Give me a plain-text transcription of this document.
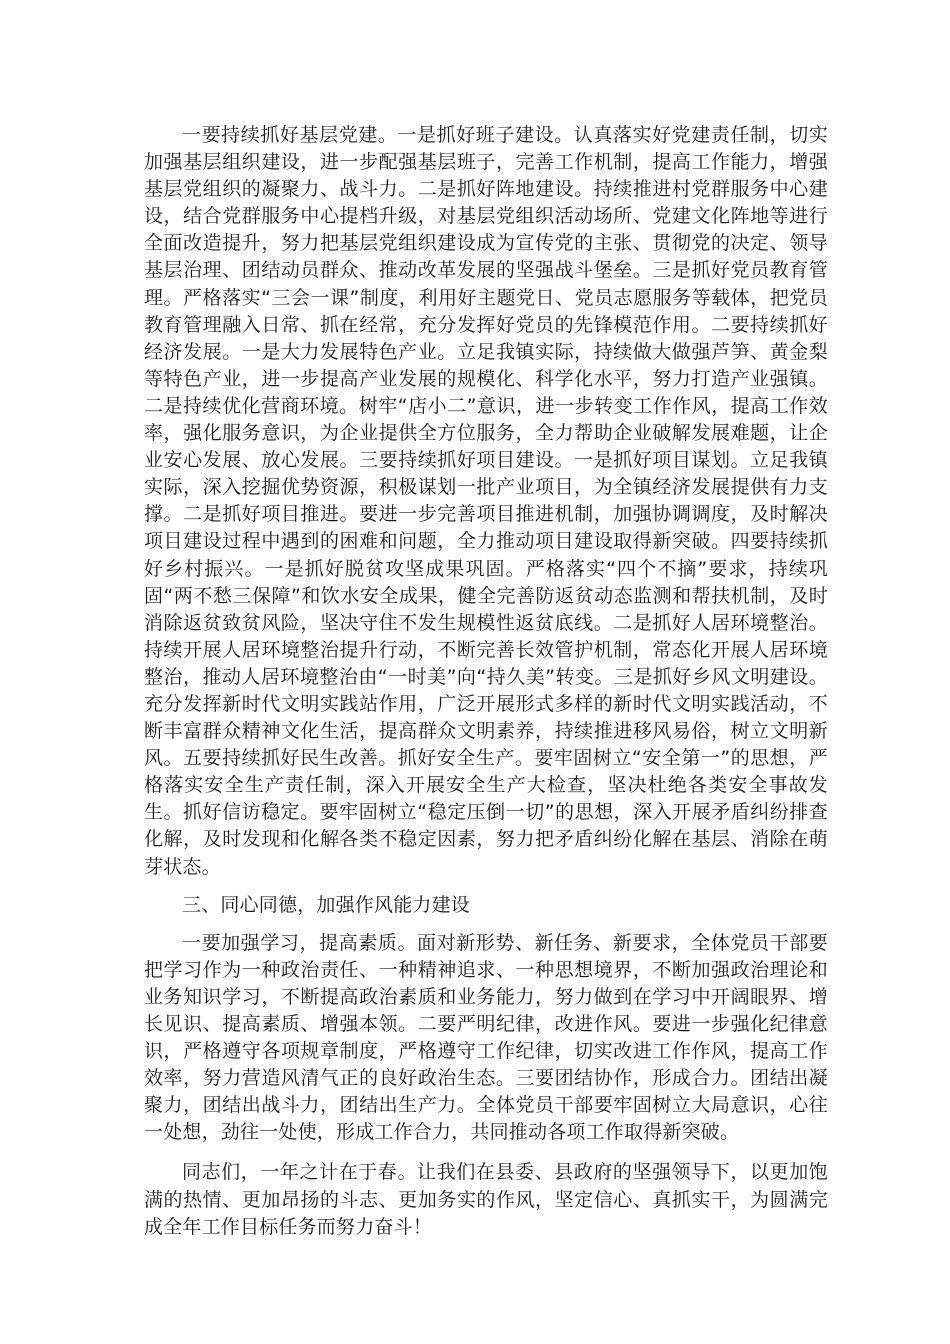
一要持续抓好基层党建。一是抓好班子建设。认真落实好党建责任制，切实加强基层组织建设，进一步配强基层班子，完善工作机制，提高工作能力，增强基层党组织的凝聚力、战斗力。二是抓好阵地建设。持续推进村党群服务中心建设，结合党群服务中心提档升级，对基层党组织活动场所、党建文化阵地等进行全面改造提升，努力把基层党组织建设成为宣传党的主张、贯彻党的决定、领导基层治理、团结动员群众、推动改革发展的坚强战斗堡垒。三是抓好党员教育管理。严格落实“三会一课”制度，利用好主题党日、党员志愿服务等载体，把党员教育管理融入日常、抓在经常，充分发挥好党员的先锋模范作用。二要持续抓好经济发展。一是大力发展特色产业。立足我镇实际，持续做大做强芦笋、黄金梨等特色产业，进一步提高产业发展的规模化、科学化水平，努力打造产业强镇。二是持续优化营商环境。树牢“店小二”意识，进一步转变工作作风，提高工作效率，强化服务意识，为企业提供全方位服务，全力帮助企业破解发展难题，让企业安心发展、放心发展。三要持续抓好项目建设。一是抓好项目谋划。立足我镇实际，深入挖掘优势资源，积极谋划一批产业项目，为全镇经济发展提供有力支撑。二是抓好项目推进。要进一步完善项目推进机制，加强协调调度，及时解决项目建设过程中遇到的困难和问题，全力推动项目建设取得新突破。四要持续抓好乡村振兴。一是抓好脱贫攻坚成果巩固。严格落实“四个不摘”要求，持续巩固“两不愁三保障”和饮水安全成果，健全完善防返贫动态监测和帮扶机制，及时消除返贫致贫风险，坚决守住不发生规模性返贫底线。二是抓好人居环境整治。持续开展人居环境整治提升行动，不断完善长效管护机制，常态化开展人居环境整治，推动人居环境整治由“一时美”向“持久美”转变。三是抓好乡风文明建设。充分发挥新时代文明实践站作用，广泛开展形式多样的新时代文明实践活动，不断丰富群众精神文化生活，提高群众文明素养，持续推进移风易俗，树立文明新风。五要持续抓好民生改善。抓好安全生产。要牢固树立“安全第一”的思想，严格落实安全生产责任制，深入开展安全生产大检查，坚决杜绝各类安全事故发生。抓好信访稳定。要牢固树立“稳定压倒一切”的思想，深入开展矛盾纠纷排查化解，及时发现和化解各类不稳定因素，努力把矛盾纠纷化解在基层、消除在萌芽状态。

三、同心同德，加强作风能力建设

一要加强学习，提高素质。面对新形势、新任务、新要求，全体党员干部要把学习作为一种政治责任、一种精神追求、一种思想境界，不断加强政治理论和业务知识学习，不断提高政治素质和业务能力，努力做到在学习中开阔眼界、增长见识、提高素质、增强本领。二要严明纪律，改进作风。要进一步强化纪律意识，严格遵守各项规章制度，严格遵守工作纪律，切实改进工作作风，提高工作效率，努力营造风清气正的良好政治生态。三要团结协作，形成合力。团结出凝聚力，团结出战斗力，团结出生产力。全体党员干部要牢固树立大局意识，心往一处想，劲往一处使，形成工作合力，共同推动各项工作取得新突破。

同志们，一年之计在于春。让我们在县委、县政府的坚强领导下，以更加饱满的热情、更加昂扬的斗志、更加务实的作风，坚定信心、真抓实干，为圆满完成全年工作目标任务而努力奋斗！
